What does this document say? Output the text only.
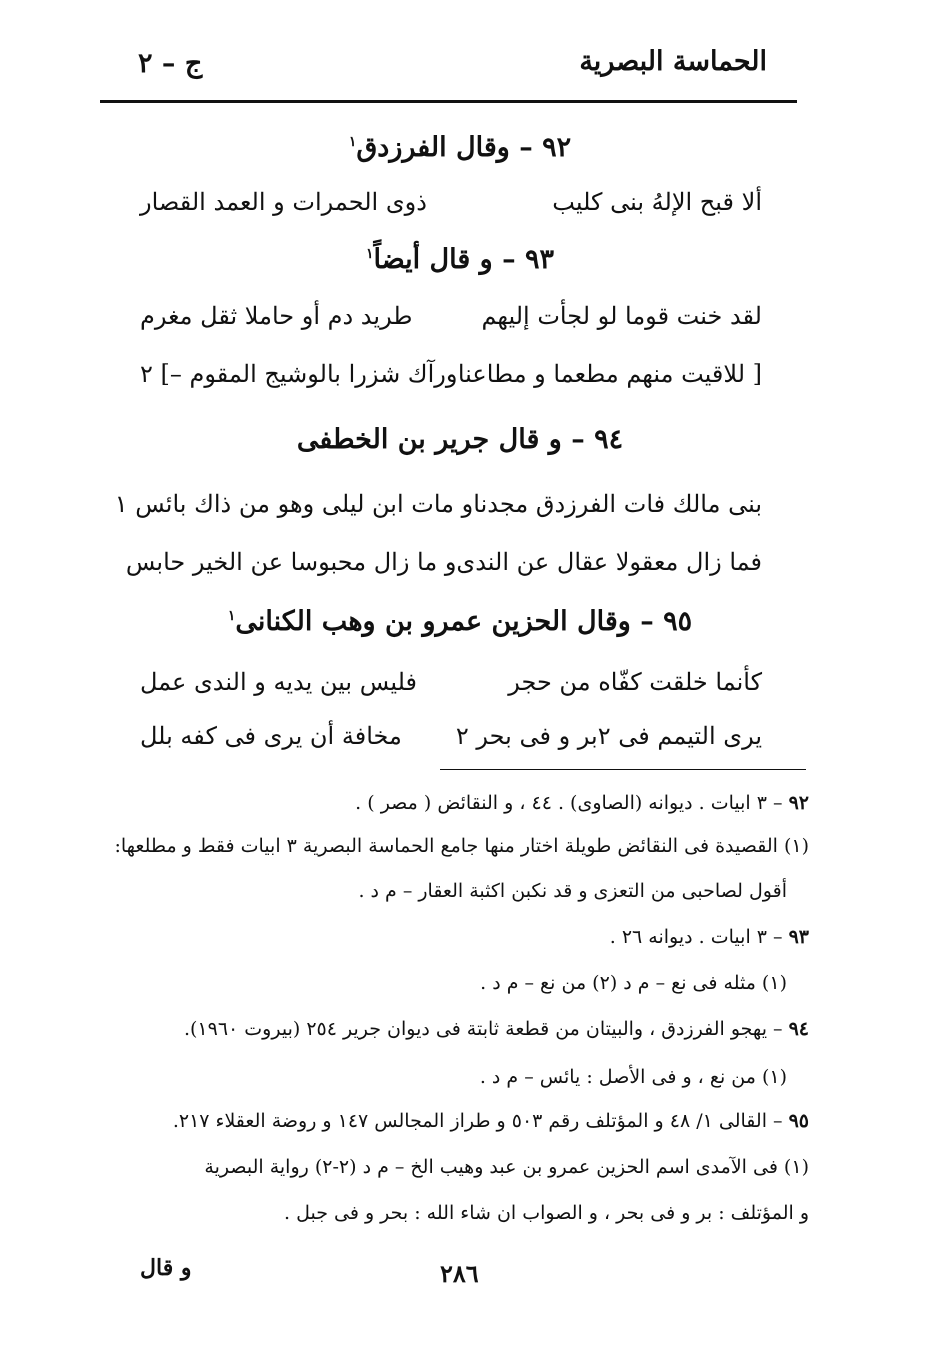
الحماسة البصرية
ج – ٢
٩٢ – وقال الفرزدق$^١$
ألا قبح الإلهُ بنى كليب
ذوى الحمرات و العمد القصار
٩٣ – و قال أيضاً$^١$
لقد خنت قوما لو لجأت إليهم
طريد دم أو حاملا ثقل مغرم
[ للاقيت منهم مطعما و مطاعنا
ورآك شزرا بالوشيج المقوم –] ٢
٩٤ – و قال جرير بن الخطفى
بنى مالك فات الفرزدق مجدنا
و مات ابن ليلى وهو من ذاك بائس ١
فما زال معقولا عقال عن الندى
و ما زال محبوسا عن الخير حابس
٩٥ – وقال الحزين عمرو بن وهب الكنانى$^١$
كأنما خلقت كفّاه من حجر
فليس بين يديه و الندى عمل
يرى التيمم فى ٢بر و فى بحر ٢
مخافة أن يرى فى كفه بلل
٩٢ – ٣ ابيات . ديوانه (الصاوى) . ٤٤ ، و النقائض ( مصر ) .
(١) القصيدة فى النقائض طويلة اختار منها جامع الحماسة البصرية ٣ ابيات فقط و مطلعها:
أقول لصاحبى من التعزى و قد نكبن اكثبة العقار – م د .
٩٣ – ٣ ابيات . ديوانه ٢٦ .
(١) مثله فى نع – م د (٢) من نع – م د .
٩٤ – يهجو الفرزدق ، والبيتان من قطعة ثابتة فى ديوان جرير ٢٥٤ (بيروت ١٩٦٠).
(١) من نع ، و فى الأصل : يائس – م د .
٩٥ – القالى ١/ ٤٨ و المؤتلف رقم ٥٠٣ و طراز المجالس ١٤٧ و روضة العقلاء ٢١٧.
(١) فى الآمدى اسم الحزين عمرو بن عبد وهيب الخ – م د (٢-٢) رواية البصرية
و المؤتلف : بر و فى بحر ، و الصواب ان شاء الله : بحر و فى جبل .
٢٨٦
و قال
